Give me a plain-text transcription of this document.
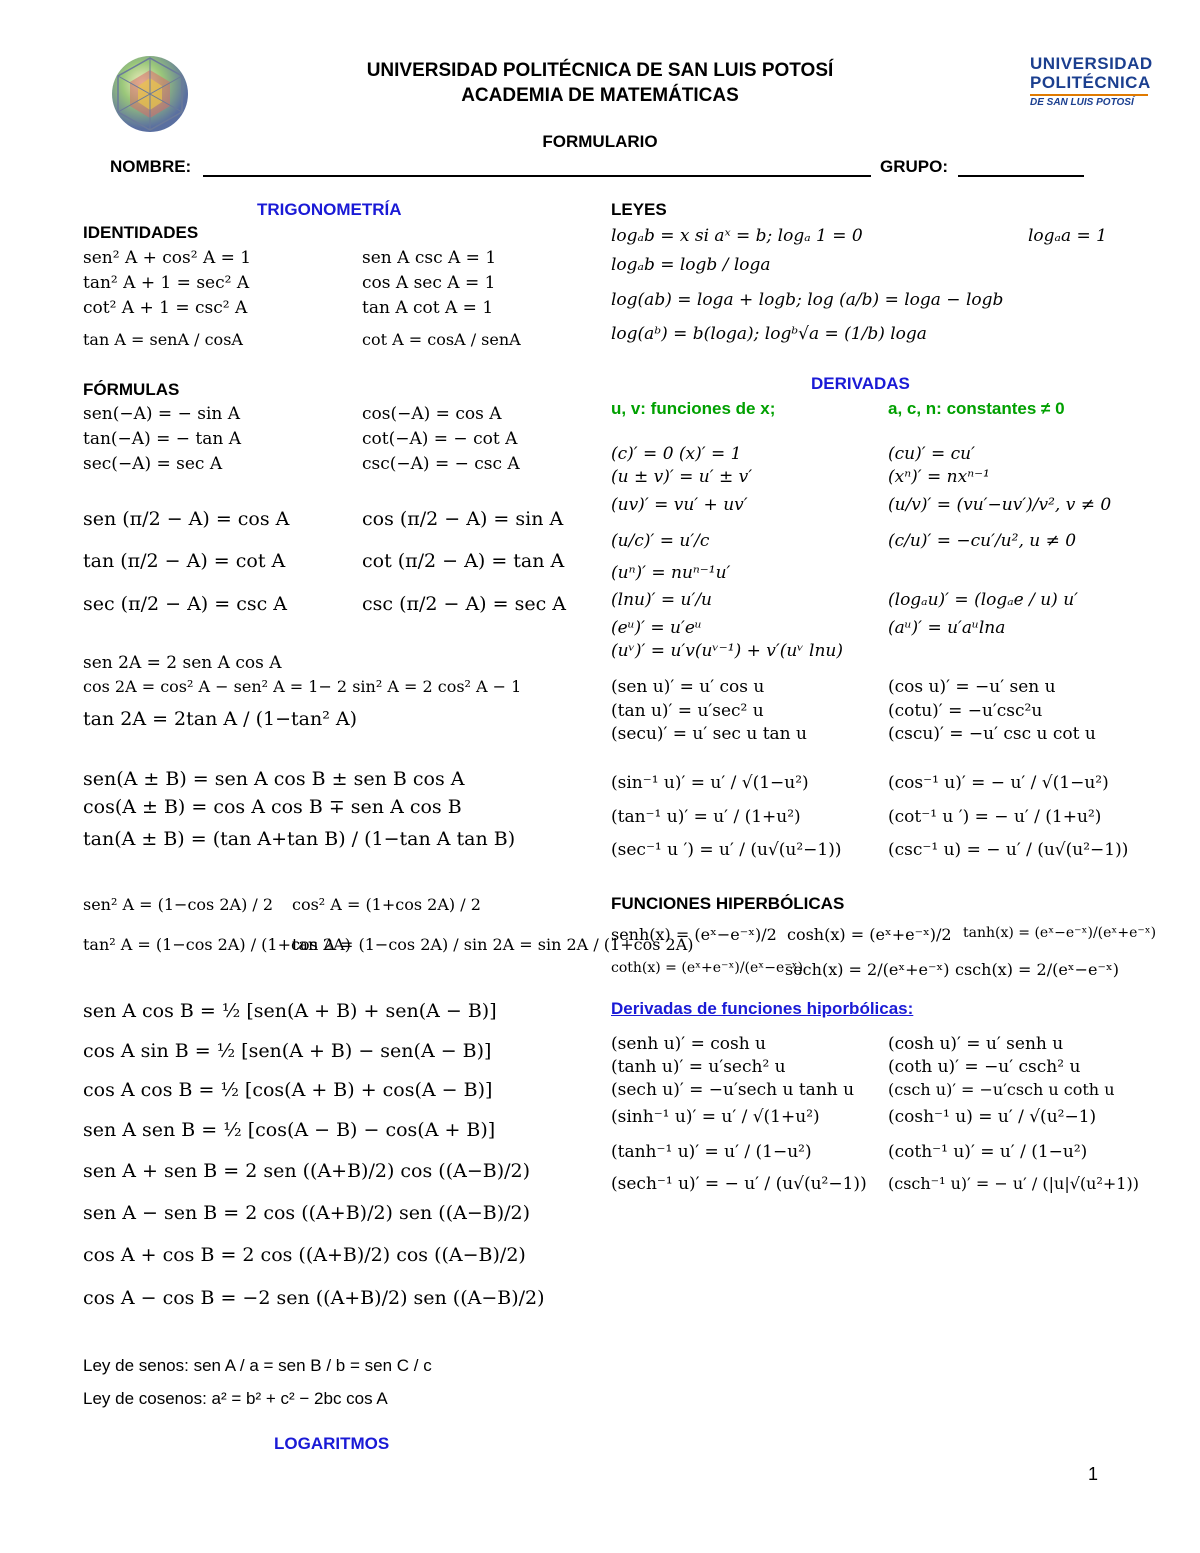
UNIVERSIDAD
POLITÉCNICA
DE SAN LUIS POTOSÍ
UNIVERSIDAD POLITÉCNICA DE SAN LUIS POTOSÍ
ACADEMIA DE MATEMÁTICAS
FORMULARIO
NOMBRE:	GRUPO:
TRIGONOMETRÍA
IDENTIDADES
sen² A + cos² A = 1	sen A csc A = 1
tan² A + 1 = sec² A	cos A sec A = 1
cot² A + 1 = csc² A	tan A cot A = 1
tan A = senA / cosA	cot A = cosA / senA
FÓRMULAS
sen(−A) = − sin A	cos(−A) = cos A
tan(−A) = − tan A	cot(−A) = − cot A
sec(−A) = sec A	csc(−A) = − csc A
sen (π/2 − A) = cos A	cos (π/2 − A) = sin A
tan (π/2 − A) = cot A	cot (π/2 − A) = tan A
sec (π/2 − A) = csc A	csc (π/2 − A) = sec A
sen 2A = 2 sen A cos A
cos 2A = cos² A − sen² A = 1− 2 sin² A = 2 cos² A − 1
tan 2A = 2tan A / (1−tan² A)
sen(A ± B) = sen A cos B ± sen B cos A
cos(A ± B) = cos A cos B ∓ sen A cos B
tan(A ± B) = (tan A+tan B) / (1−tan A tan B)
sen² A = (1−cos 2A) / 2 cos² A = (1+cos 2A) / 2
tan² A = (1−cos 2A) / (1+cos 2A)
tan A = (1−cos 2A) / sin 2A = sin 2A / (1+cos 2A)
sen A cos B = ½ [sen(A + B) + sen(A − B)]
cos A sin B = ½ [sen(A + B) − sen(A − B)]
cos A cos B = ½ [cos(A + B) + cos(A − B)]
sen A sen B = ½ [cos(A − B) − cos(A + B)]
sen A + sen B = 2 sen ((A+B)/2) cos ((A−B)/2)
sen A − sen B = 2 cos ((A+B)/2) sen ((A−B)/2)
cos A + cos B = 2 cos ((A+B)/2) cos ((A−B)/2)
cos A − cos B = −2 sen ((A+B)/2) sen ((A−B)/2)
Ley de senos: sen A / a = sen B / b = sen C / c
Ley de cosenos: a² = b² + c² − 2bc cos A
LOGARITMOS
LEYES
logₐb = x si aˣ = b; logₐ 1 = 0	logₐa = 1
logₐb = logb / loga
log(ab) = loga + logb; log (a/b) = loga − logb
log(aᵇ) = b(loga); logᵇ√a = (1/b) loga
DERIVADAS
u, v: funciones de x;	a, c, n: constantes ≠ 0
(c)′ = 0 (x)′ = 1	(cu)′ = cu′
(u ± v)′ = u′ ± v′	(xⁿ)′ = nxⁿ⁻¹
(uv)′ = vu′ + uv′	(u/v)′ = (vu′−uv′)/v², v ≠ 0
(u/c)′ = u′/c	(c/u)′ = −cu′/u², u ≠ 0
(uⁿ)′ = nuⁿ⁻¹u′
(lnu)′ = u′/u	(logₐu)′ = (logₐe / u) u′
(eᵘ)′ = u′eᵘ	(aᵘ)′ = u′aᵘlna
(uᵛ)′ = u′v(uᵛ⁻¹) + v′(uᵛ lnu)
(sen u)′ = u′ cos u	(cos u)′ = −u′ sen u
(tan u)′ = u′sec² u	(cotu)′ = −u′csc²u
(secu)′ = u′ sec u tan u	(cscu)′ = −u′ csc u cot u
(sin⁻¹ u)′ = u′ / √(1−u²)	(cos⁻¹ u)′ = − u′ / √(1−u²)
(tan⁻¹ u)′ = u′ / (1+u²)	(cot⁻¹ u ′) = − u′ / (1+u²)
(sec⁻¹ u ′) = u′ / (u√(u²−1))	(csc⁻¹ u) = − u′ / (u√(u²−1))
FUNCIONES HIPERBÓLICAS
senh(x) = (eˣ−e⁻ˣ)/2 cosh(x) = (eˣ+e⁻ˣ)/2 tanh(x) = (eˣ−e⁻ˣ)/(eˣ+e⁻ˣ)
coth(x) = (eˣ+e⁻ˣ)/(eˣ−e⁻ˣ)
sech(x) = 2/(eˣ+e⁻ˣ) csch(x) = 2/(eˣ−e⁻ˣ)
Derivadas de funciones hiporbólicas:
(senh u)′ = cosh u	(cosh u)′ = u′ senh u
(tanh u)′ = u′sech² u	(coth u)′ = −u′ csch² u
(sech u)′ = −u′sech u tanh u (csch u)′ = −u′csch u coth u
(sinh⁻¹ u)′ = u′ / √(1+u²)	(cosh⁻¹ u) = u′ / √(u²−1)
(tanh⁻¹ u)′ = u′ / (1−u²)	(coth⁻¹ u)′ = u′ / (1−u²)
(sech⁻¹ u)′ = − u′ / (u√(u²−1)) (csch⁻¹ u)′ = − u′ / (|u|√(u²+1))
1
